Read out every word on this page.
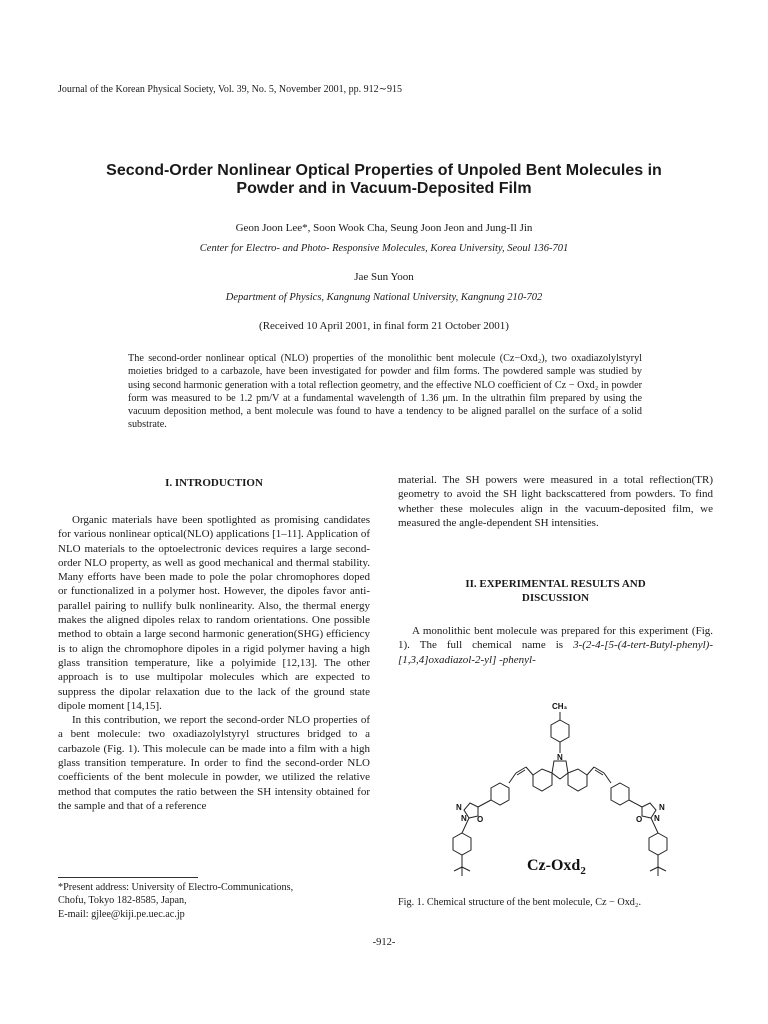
Journal of the Korean Physical Society, Vol. 39, No. 5, November 2001, pp. 912∼915
Second-Order Nonlinear Optical Properties of Unpoled Bent Molecules in
Powder and in Vacuum-Deposited Film
Geon Joon Lee*, Soon Wook Cha, Seung Joon Jeon and Jung-Il Jin
Center for Electro- and Photo- Responsive Molecules, Korea University, Seoul 136-701
Jae Sun Yoon
Department of Physics, Kangnung National University, Kangnung 210-702
(Received 10 April 2001, in final form 21 October 2001)
The second-order nonlinear optical (NLO) properties of the monolithic bent molecule (Cz−Oxd₂), two oxadiazolylstyryl moieties bridged to a carbazole, have been investigated for powder and film forms. The powdered sample was studied by using second harmonic generation with a total reflection geometry, and the effective NLO coefficient of Cz − Oxd₂ in powder form was measured to be 1.2 pm/V at a fundamental wavelength of 1.36 μm. In the ultrathin film prepared by using the vacuum deposition method, a bent molecule was found to have a tendency to be aligned parallel on the surface of a solid substrate.
I. INTRODUCTION

Organic materials have been spotlighted as promising candidates for various nonlinear optical(NLO) applications [1–11]. Application of NLO materials to the optoelectronic devices requires a large second-order NLO property, as well as good mechanical and thermal stability. Many efforts have been made to pole the polar chromophores doped or functionalized in a polymer host. However, the dipoles favor anti-parallel pairing to nullify bulk nonlinearity. Also, the thermal energy makes the aligned dipoles relax to random orientations. One possible method to obtain a large second harmonic generation(SHG) efficiency is to align the chromophore dipoles in a rigid polymer having a high glass transition temperature, like a polyimide [12,13]. The other approach is to use multipolar molecules which are expected to suppress the dipolar relaxation due to the lack of the ground state dipole moment [14,15].

In this contribution, we report the second-order NLO properties of a bent molecule: two oxadiazolylstyryl structures bridged to a carbazole (Fig. 1). This molecule can be made into a film with a high glass transition temperature. In order to find the second-order NLO coefficients of the bent molecule in powder, we utilized the relative method that computes the ratio between the SH intensity obtained for the sample and that of a reference

*Present address: University of Electro-Communications,
Chofu, Tokyo 182-8585, Japan,
E-mail: gjlee@kiji.pe.uec.ac.jp

material. The SH powers were measured in a total reflection(TR) geometry to avoid the SH light backscattered from powders. To find whether these molecules align in the vacuum-deposited film, we measured the angle-dependent SH intensities.

II. EXPERIMENTAL RESULTS AND
DISCUSSION

A monolithic bent molecule was prepared for this experiment (Fig. 1). The full chemical name is 3-(2-4-[5-(4-tert-Butyl-phenyl)-[1,3,4]oxadiazol-2-yl] -phenyl-

CH₃
N
N
N O
N
N
O
Cz-Oxd$_2$
Fig. 1. Chemical structure of the bent molecule, Cz − Oxd₂.
-912-
